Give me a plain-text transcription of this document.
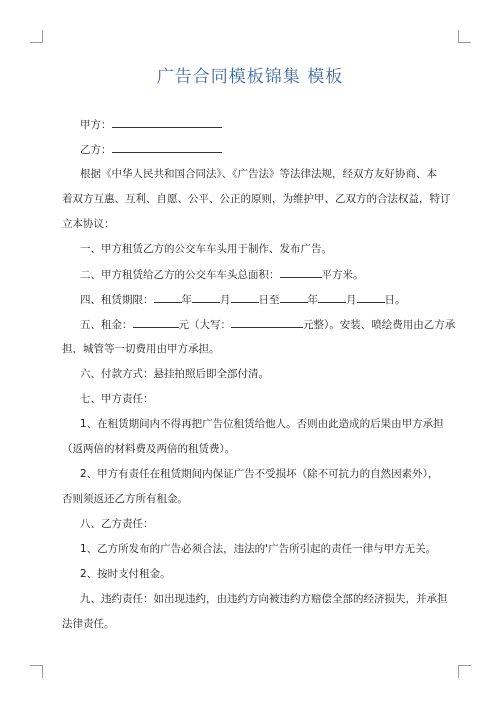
广告合同模板锦集 模板
甲方：
乙方：
根据《中华人民共和国合同法》、《广告法》等法律法规，经双方友好协商、本
着双方互惠、互利、自愿、公平、公正的原则，为维护甲、乙双方的合法权益，特订
立本协议：
一、甲方租赁乙方的公交车车头用于制作、发布广告。
二、甲方租赁给乙方的公交车车头总面积：	平方米。
四、租赁期限：	年	月	日至	年	月	日。
五、租金：	元（大写：	元整）。安装、喷绘费用由乙方承
担，城管等一切费用由甲方承担。
六、付款方式：悬挂拍照后即全部付清。
七、甲方责任：
1、在租赁期间内不得再把广告位租赁给他人。否则由此造成的后果由甲方承担
（返两倍的材料费及两倍的租赁费）。
2、甲方有责任在租赁期间内保证广告不受损坏（除不可抗力的自然因素外），
否则须返还乙方所有租金。
八、乙方责任：
1、乙方所发布的广告必须合法，违法的'广告所引起的责任一律与甲方无关。
2、按时支付租金。
九、违约责任：如出现违约，由违约方向被违约方赔偿全部的经济损失，并承担
法律责任。
